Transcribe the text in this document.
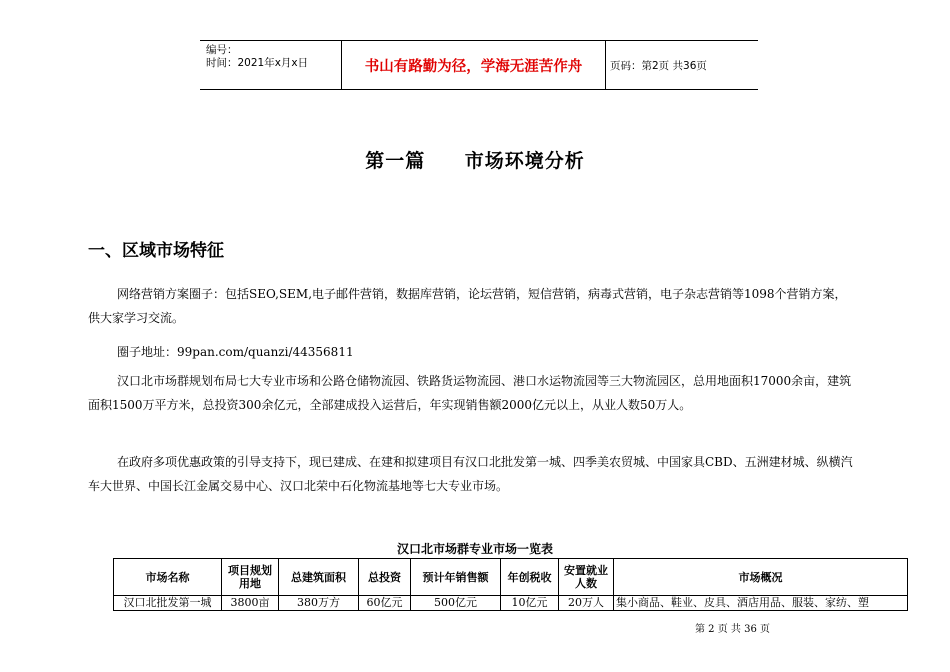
编号：
时间：2021年x月x日	书山有路勤为径，学海无涯苦作舟	页码：第2页 共36页
第一篇 市场环境分析
一、区域市场特征

网络营销方案圈子：包括SEO,SEM,电子邮件营销，数据库营销，论坛营销，短信营销，病毒式营销，电子杂志营销等1098个营销方案，供大家学习交流。

圈子地址：99pan.com/quanzi/44356811

汉口北市场群规划布局七大专业市场和公路仓储物流园、铁路货运物流园、港口水运物流园等三大物流园区，总用地面积17000余亩，建筑面积1500万平方米，总投资300余亿元，全部建成投入运营后，年实现销售额2000亿元以上，从业人数50万人。

在政府多项优惠政策的引导支持下，现已建成、在建和拟建项目有汉口北批发第一城、四季美农贸城、中国家具CBD、五洲建材城、纵横汽车大世界、中国长江金属交易中心、汉口北荣中石化物流基地等七大专业市场。

汉口北市场群专业市场一览表
市场名称	项目规划用地	总建筑面积	总投资	预计年销售额	年创税收	安置就业人数	市场概况
汉口北批发第一城	3800亩	380万方	60亿元	500亿元	10亿元	20万人	集小商品、鞋业、皮具、酒店用品、服装、家纺、塑
第 2 页 共 36 页
